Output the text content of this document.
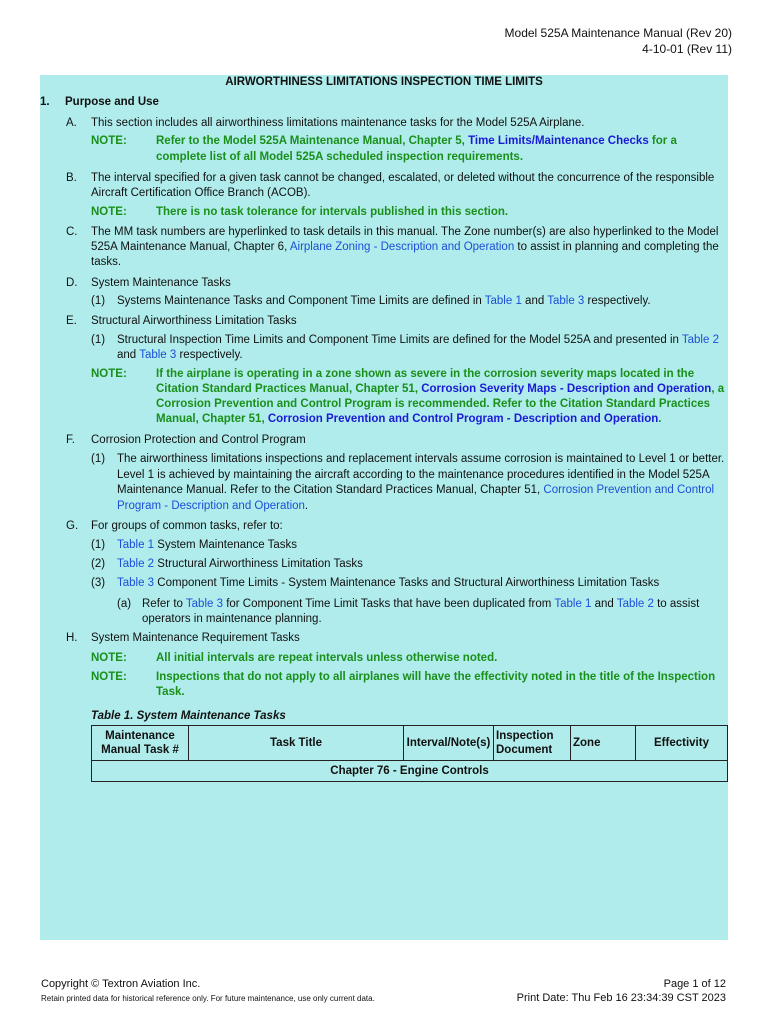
Model 525A Maintenance Manual (Rev 20)
4-10-01 (Rev 11)
AIRWORTHINESS LIMITATIONS INSPECTION TIME LIMITS
1. Purpose and Use
A. This section includes all airworthiness limitations maintenance tasks for the Model 525A Airplane.
NOTE:	Refer to the Model 525A Maintenance Manual, Chapter 5, Time Limits/Maintenance Checks for a
complete list of all Model 525A scheduled inspection requirements.
B. The interval specified for a given task cannot be changed, escalated, or deleted without the concurrence of the responsible
Aircraft Certification Office Branch (ACOB).
NOTE:	There is no task tolerance for intervals published in this section.
C. The MM task numbers are hyperlinked to task details in this manual. The Zone number(s) are also hyperlinked to the Model
525A Maintenance Manual, Chapter 6, Airplane Zoning - Description and Operation to assist in planning and completing the
tasks.
D. System Maintenance Tasks
(1) Systems Maintenance Tasks and Component Time Limits are defined in Table 1 and Table 3 respectively.
E. Structural Airworthiness Limitation Tasks
(1) Structural Inspection Time Limits and Component Time Limits are defined for the Model 525A and presented in Table 2
and Table 3 respectively.
NOTE:	If the airplane is operating in a zone shown as severe in the corrosion severity maps located in the
Citation Standard Practices Manual, Chapter 51, Corrosion Severity Maps - Description and Operation, a
Corrosion Prevention and Control Program is recommended. Refer to the Citation Standard Practices
Manual, Chapter 51, Corrosion Prevention and Control Program - Description and Operation.
F. Corrosion Protection and Control Program
(1) The airworthiness limitations inspections and replacement intervals assume corrosion is maintained to Level 1 or better.
Level 1 is achieved by maintaining the aircraft according to the maintenance procedures identified in the Model 525A
Maintenance Manual. Refer to the Citation Standard Practices Manual, Chapter 51, Corrosion Prevention and Control
Program - Description and Operation.
G. For groups of common tasks, refer to:
(1) Table 1 System Maintenance Tasks
(2) Table 2 Structural Airworthiness Limitation Tasks
(3) Table 3 Component Time Limits - System Maintenance Tasks and Structural Airworthiness Limitation Tasks
(a) Refer to Table 3 for Component Time Limit Tasks that have been duplicated from Table 1 and Table 2 to assist
operators in maintenance planning.
H. System Maintenance Requirement Tasks
NOTE:	All initial intervals are repeat intervals unless otherwise noted.
NOTE:	Inspections that do not apply to all airplanes will have the effectivity noted in the title of the Inspection
Task.
Table 1. System Maintenance Tasks
Maintenance Manual Task #	Task Title	Interval/Note(s)	Inspection Document	Zone	Effectivity
Chapter 76 - Engine Controls
Copyright © Textron Aviation Inc.
Retain printed data for historical reference only. For future maintenance, use only current data.
Page 1 of 12
Print Date: Thu Feb 16 23:34:39 CST 2023
